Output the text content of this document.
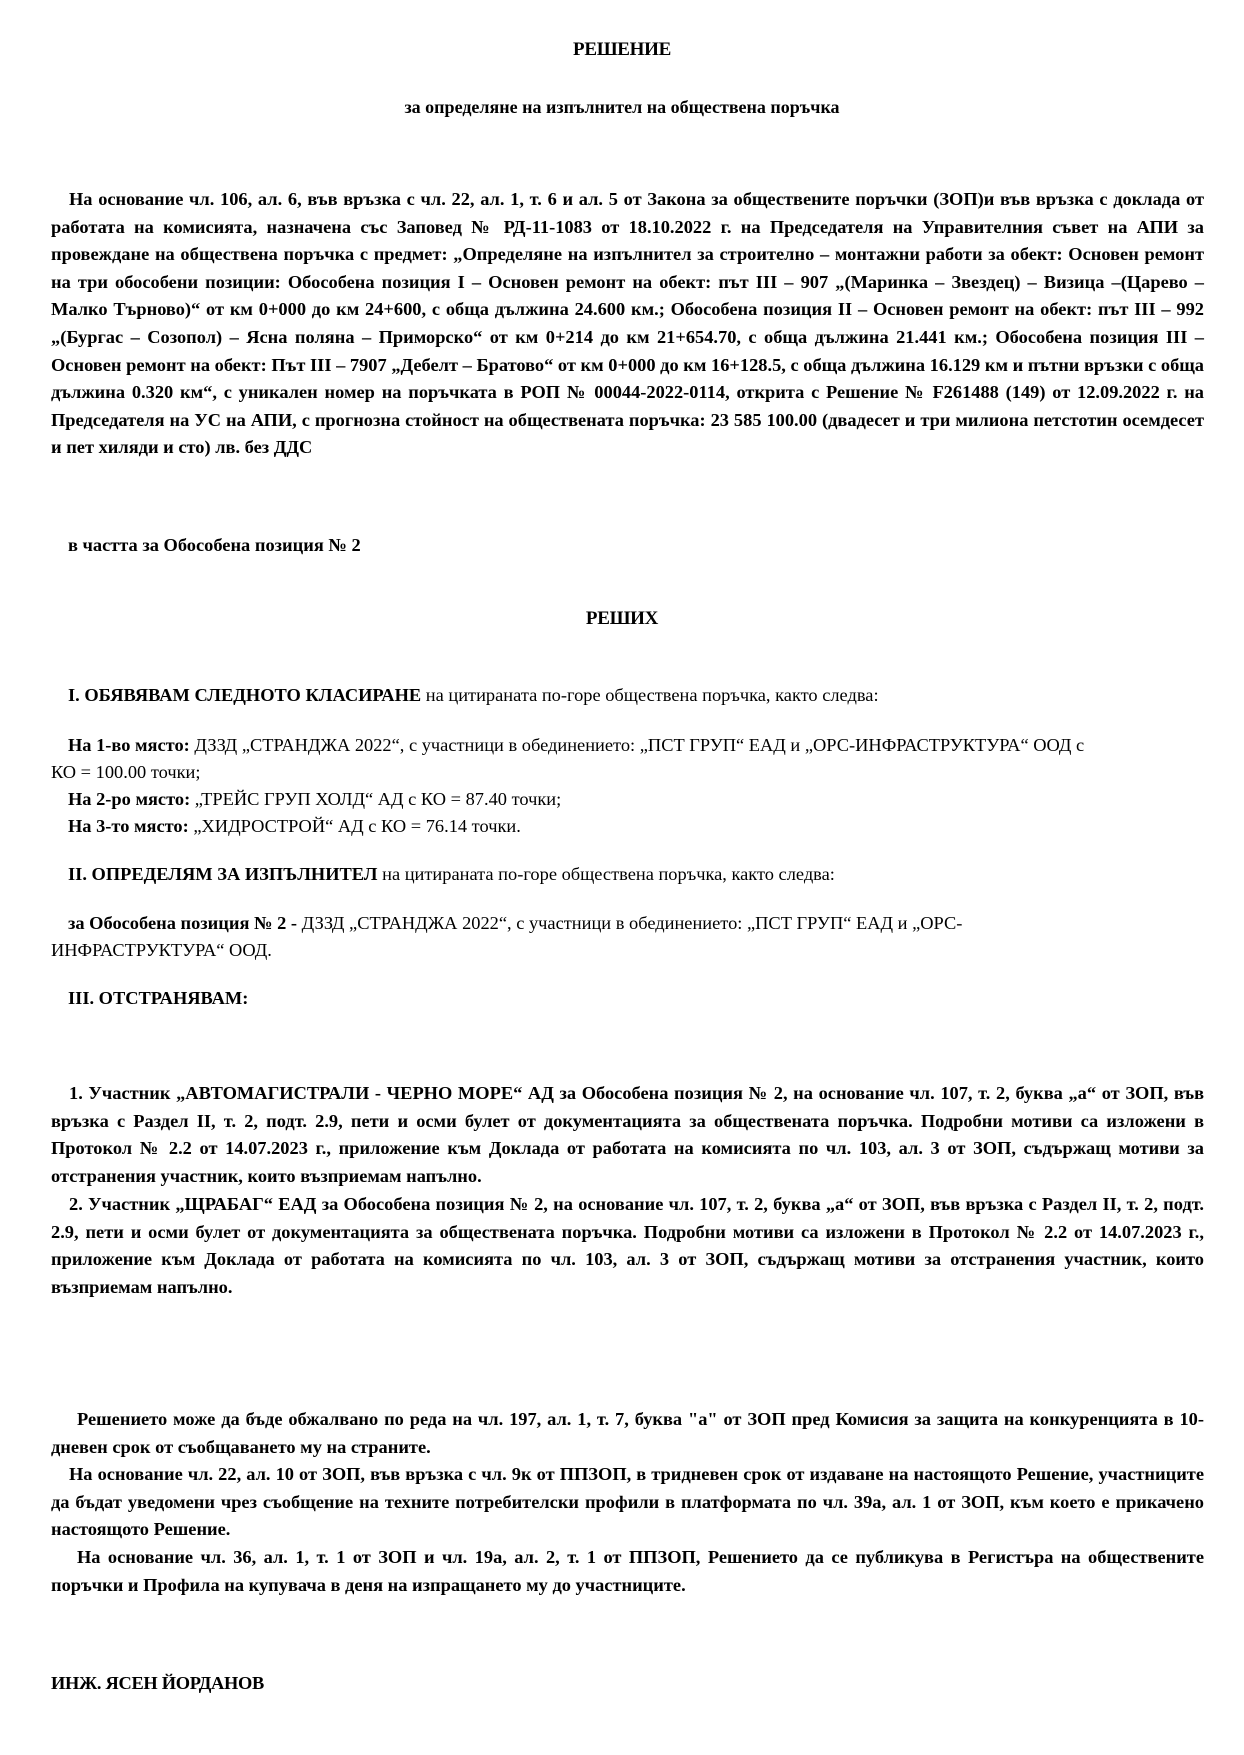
РЕШЕНИЕ
за определяне на изпълнител на обществена поръчка
На основание чл. 106, ал. 6, във връзка с чл. 22, ал. 1, т. 6 и ал. 5 от Закона за обществените поръчки (ЗОП)и във връзка с доклада от работата на комисията, назначена със Заповед № РД-11-1083 от 18.10.2022 г. на Председателя на Управителния съвет на АПИ за провеждане на обществена поръчка с предмет: „Определяне на изпълнител за строително – монтажни работи за обект: Основен ремонт на три обособени позиции: Обособена позиция I – Основен ремонт на обект: път III – 907 „(Маринка – Звездец) – Визица –(Царево – Малко Търново)“ от км 0+000 до км 24+600, с обща дължина 24.600 км.; Обособена позиция II – Основен ремонт на обект: път III – 992 „(Бургас – Созопол) – Ясна поляна – Приморско“ от км 0+214 до км 21+654.70, с обща дължина 21.441 км.; Обособена позиция III – Основен ремонт на обект: Път III – 7907 „Дебелт – Братово“ от км 0+000 до км 16+128.5, с обща дължина 16.129 км и пътни връзки с обща дължина 0.320 км“, с уникален номер на поръчката в РОП № 00044-2022-0114, открита с Решение № F261488 (149) от 12.09.2022 г. на Председателя на УС на АПИ, с прогнозна стойност на обществената поръчка: 23 585 100.00 (двадесет и три милиона петстотин осемдесет и пет хиляди и сто) лв. без ДДС
в частта за Обособена позиция № 2
РЕШИХ
I. ОБЯВЯВАМ СЛЕДНОТО КЛАСИРАНЕ на цитираната по-горе обществена поръчка, както следва:
На 1-во място: ДЗЗД „СТРАНДЖА 2022“, с участници в обединението: „ПСТ ГРУП“ ЕАД и „ОРС-ИНФРАСТРУКТУРА“ ООД с
КО = 100.00 точки;
На 2-ро място: „ТРЕЙС ГРУП ХОЛД“ АД с КО = 87.40 точки;
На 3-то място: „ХИДРОСТРОЙ“ АД с КО = 76.14 точки.
II. ОПРЕДЕЛЯМ ЗА ИЗПЪЛНИТЕЛ на цитираната по-горе обществена поръчка, както следва:
за Обособена позиция № 2 - ДЗЗД „СТРАНДЖА 2022“, с участници в обединението: „ПСТ ГРУП“ ЕАД и „ОРС-
ИНФРАСТРУКТУРА“ ООД.
III. ОТСТРАНЯВАМ:
1. Участник „АВТОМАГИСТРАЛИ - ЧЕРНО МОРЕ“ АД за Обособена позиция № 2, на основание чл. 107, т. 2, буква „а“ от ЗОП, във връзка с Раздел II, т. 2, подт. 2.9, пети и осми булет от документацията за обществената поръчка. Подробни мотиви са изложени в Протокол № 2.2 от 14.07.2023 г., приложение към Доклада от работата на комисията по чл. 103, ал. 3 от ЗОП, съдържащ мотиви за отстранения участник, които възприемам напълно.
2. Участник „ЩРАБАГ“ ЕАД за Обособена позиция № 2, на основание чл. 107, т. 2, буква „а“ от ЗОП, във връзка с Раздел II, т. 2, подт. 2.9, пети и осми булет от документацията за обществената поръчка. Подробни мотиви са изложени в Протокол № 2.2 от 14.07.2023 г., приложение към Доклада от работата на комисията по чл. 103, ал. 3 от ЗОП, съдържащ мотиви за отстранения участник, които възприемам напълно.
Решението може да бъде обжалвано по реда на чл. 197, ал. 1, т. 7, буква "а" от ЗОП пред Комисия за защита на конкуренцията в 10-дневен срок от съобщаването му на страните.
На основание чл. 22, ал. 10 от ЗОП, във връзка с чл. 9к от ППЗОП, в тридневен срок от издаване на настоящото Решение, участниците да бъдат уведомени чрез съобщение на техните потребителски профили в платформата по чл. 39а, ал. 1 от ЗОП, към което е прикачено настоящото Решение.
На основание чл. 36, ал. 1, т. 1 от ЗОП и чл. 19а, ал. 2, т. 1 от ППЗОП, Решението да се публикува в Регистъра на обществените поръчки и Профила на купувача в деня на изпращането му до участниците.
ИНЖ. ЯСЕН ЙОРДАНОВ
